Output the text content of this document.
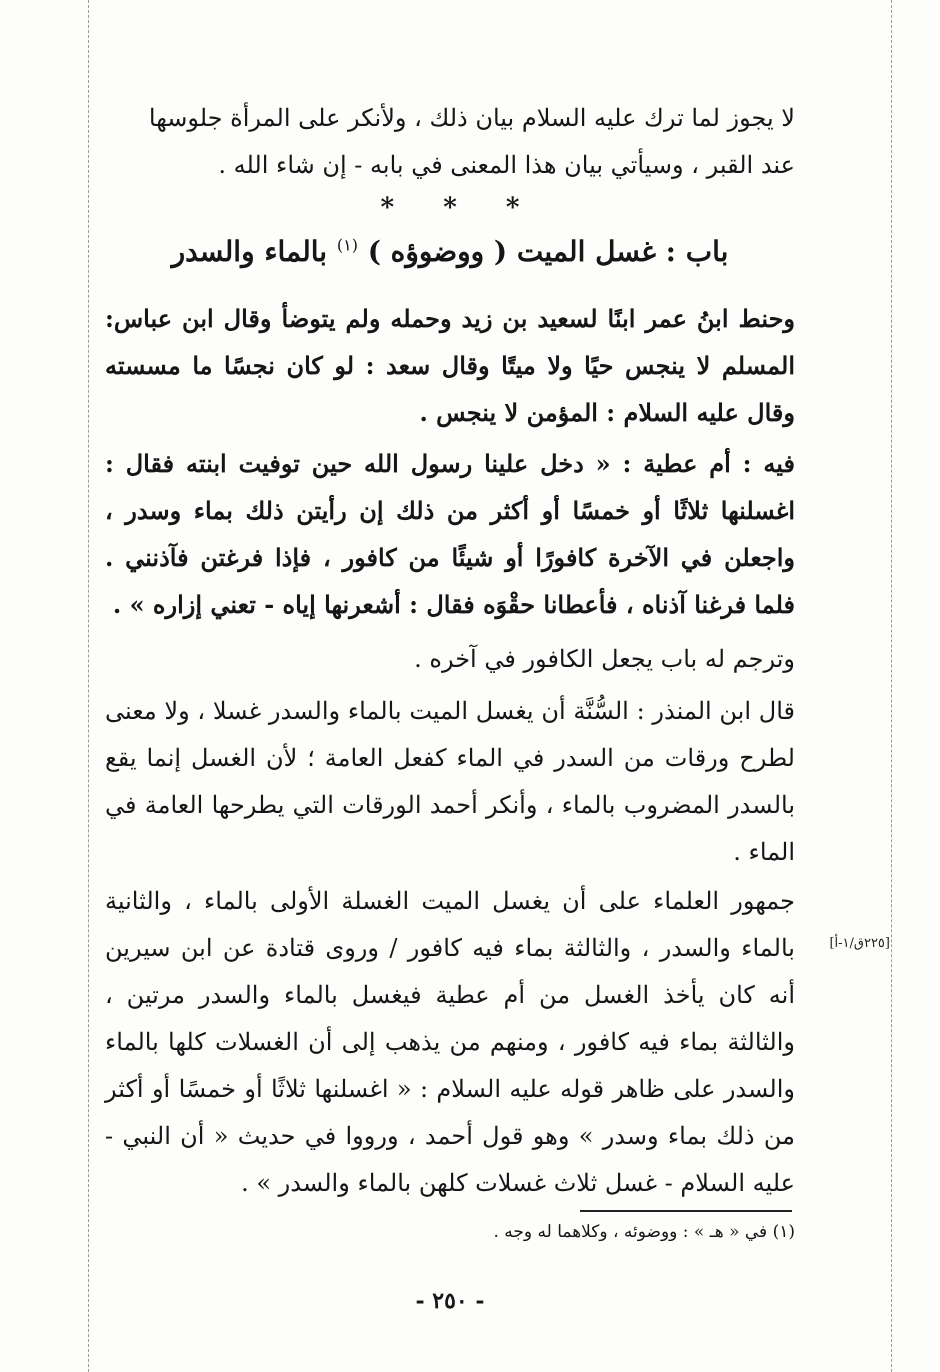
لا يجوز لما ترك عليه السلام بيان ذلك ، ولأنكر على المرأة جلوسها

عند القبر ، وسيأتي بيان هذا المعنى في بابه - إن شاء الله .

* * *
باب : غسل الميت ( ووضوؤه ) $^{(١)}$ بالماء والسدر
وحنط ابنُ عمر ابنًا لسعيد بن زيد وحمله ولم يتوضأ وقال ابن عباس: المسلم لا ينجس حيًا ولا ميتًا وقال سعد : لو كان نجسًا ما مسسته وقال عليه السلام : المؤمن لا ينجس .
فيه : أم عطية : « دخل علينا رسول الله حين توفيت ابنته فقال : اغسلنها ثلاثًا أو خمسًا أو أكثر من ذلك إن رأيتن ذلك بماء وسدر ، واجعلن في الآخرة كافورًا أو شيئًا من كافور ، فإذا فرغتن فآذنني . فلما فرغنا آذناه ، فأعطانا حقْوَه فقال : أشعرنها إياه - تعني إزاره » .
وترجم له باب يجعل الكافور في آخره .
قال ابن المنذر : السُّنَّة أن يغسل الميت بالماء والسدر غسلا ، ولا معنى لطرح ورقات من السدر في الماء كفعل العامة ؛ لأن الغسل إنما يقع بالسدر المضروب بالماء ، وأنكر أحمد الورقات التي يطرحها العامة في الماء .
جمهور العلماء على أن يغسل الميت الغسلة الأولى بالماء ، والثانية بالماء والسدر ، والثالثة بماء فيه كافور / وروى قتادة عن ابن سيرين أنه كان يأخذ الغسل من أم عطية فيغسل بالماء والسدر مرتين ، والثالثة بماء فيه كافور ، ومنهم من يذهب إلى أن الغسلات كلها بالماء والسدر على ظاهر قوله عليه السلام : « اغسلنها ثلاثًا أو خمسًا أو أكثر من ذلك بماء وسدر » وهو قول أحمد ، ورووا في حديث « أن النبي - عليه السلام - غسل ثلاث غسلات كلهن بالماء والسدر » .
[٢٢٥ق/١-أ]
(١) في « هـ » : ووضوئه ، وكلاهما له وجه .
- ٢٥٠ -
